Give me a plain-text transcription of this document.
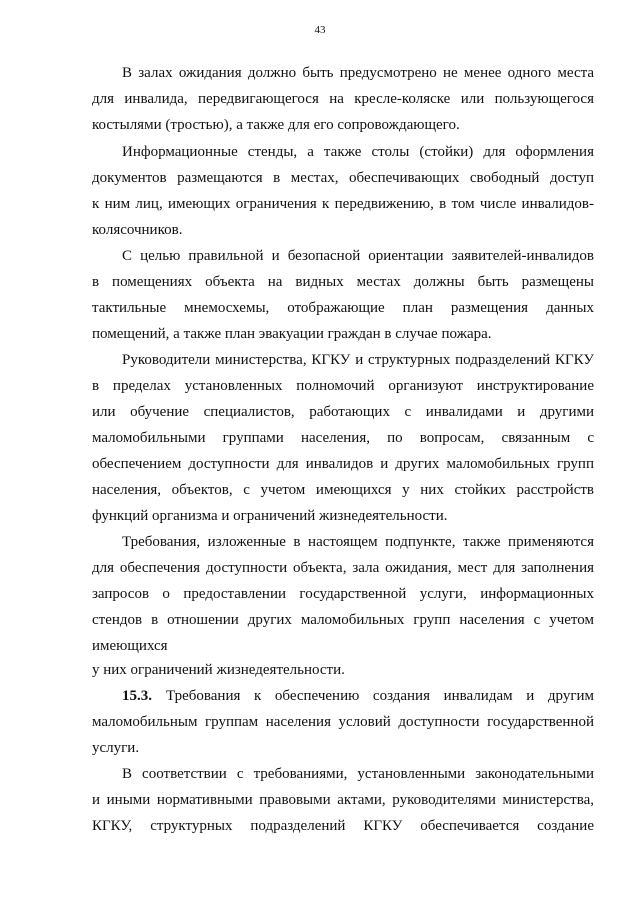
43
В залах ожидания должно быть предусмотрено не менее одного места
для инвалида, передвигающегося на кресле-коляске или пользующегося
костылями (тростью), а также для его сопровождающего.
Информационные стенды, а также столы (стойки) для оформления
документов размещаются в местах, обеспечивающих свободный доступ
к ним лиц, имеющих ограничения к передвижению, в том числе инвалидов-
колясочников.
С целью правильной и безопасной ориентации заявителей-инвалидов
в помещениях объекта на видных местах должны быть размещены
тактильные мнемосхемы, отображающие план размещения данных
помещений, а также план эвакуации граждан в случае пожара.
Руководители министерства, КГКУ и структурных подразделений КГКУ
в пределах установленных полномочий организуют инструктирование
или обучение специалистов, работающих с инвалидами и другими
маломобильными группами населения, по вопросам, связанным с
обеспечением доступности для инвалидов и других маломобильных групп
населения, объектов, с учетом имеющихся у них стойких расстройств
функций организма и ограничений жизнедеятельности.
Требования, изложенные в настоящем подпункте, также применяются
для обеспечения доступности объекта, зала ожидания, мест для заполнения
запросов о предоставлении государственной услуги, информационных
стендов в отношении других маломобильных групп населения с учетом
имеющихся
у них ограничений жизнедеятельности.
15.3. Требования к обеспечению создания инвалидам и другим
маломобильным группам населения условий доступности государственной
услуги.
В соответствии с требованиями, установленными законодательными
и иными нормативными правовыми актами, руководителями министерства,
КГКУ, структурных подразделений КГКУ обеспечивается создание
